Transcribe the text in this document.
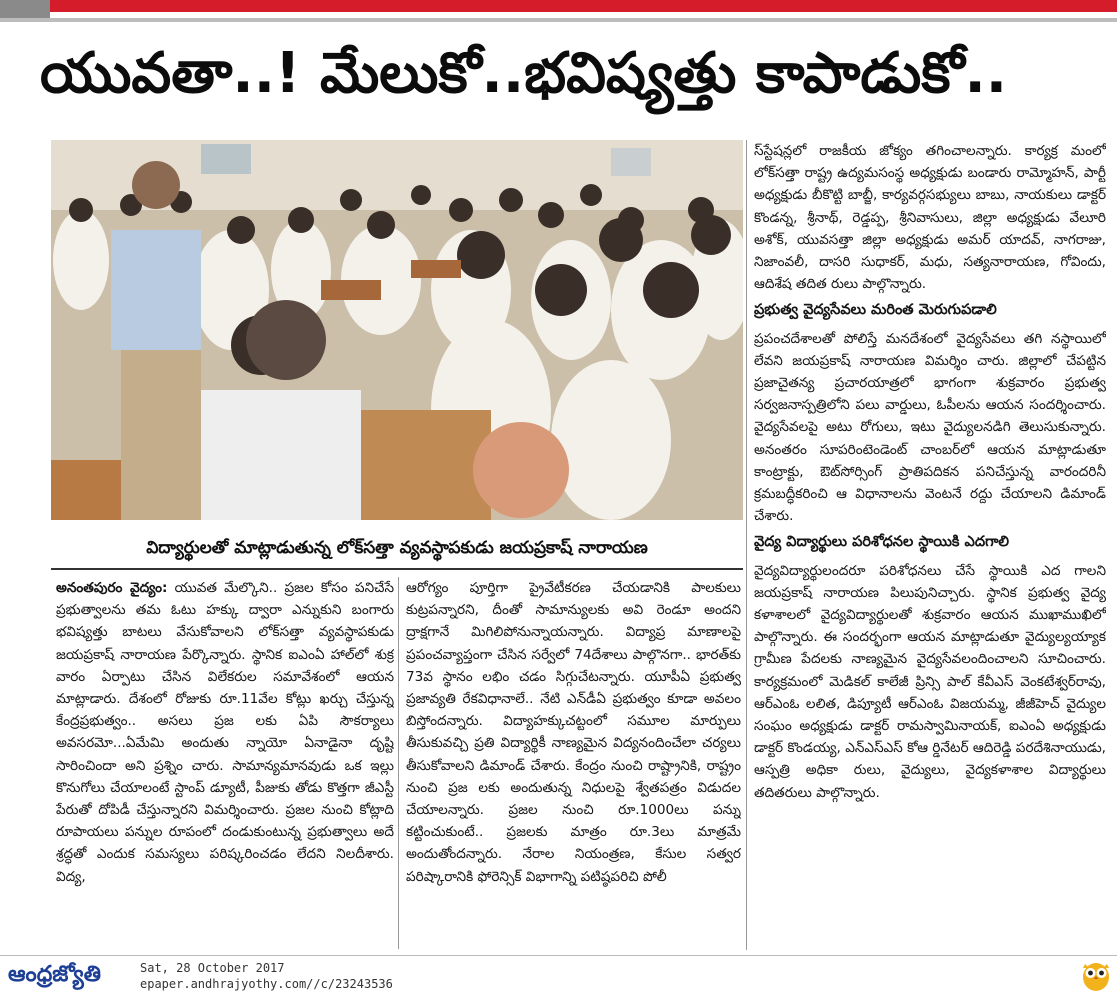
యువతా..! మేలుకో..భవిష్యత్తు కాపాడుకో..
విద్యార్థులతో మాట్లాడుతున్న లోక్‌సత్తా వ్యవస్థాపకుడు జయప్రకాష్ నారాయణ

అనంతపురం వైద్యం: యువత మేల్కొని.. ప్రజల కోసం పనిచేసే ప్రభుత్వాలను తమ ఓటు హక్కు ద్వారా ఎన్నుకుని బంగారు భవిష్యత్తు బాటలు వేసుకోవాలని లోక్‌సత్తా వ్యవస్థాపకుడు జయప్రకాష్ నారాయణ పేర్కొన్నారు. స్థానిక ఐఎంఏ హాల్‌లో శుక్ర వారం ఏర్పాటు చేసిన విలేకరుల సమావేశంలో ఆయన మాట్లాడారు. దేశంలో రోజుకు రూ.11వేల కోట్లు ఖర్చు చేస్తున్న కేంద్రప్రభుత్వం.. అసలు ప్రజ లకు ఏపి సౌకర్యాలు అవసరమో...ఏమేమి అందుతు న్నాయో ఏనాడైనా దృష్టి సారించిందా అని ప్రశ్నిం చారు. సామాన్యమానవుడు ఒక ఇల్లు కొనుగోలు చేయాలంటే స్టాంప్ డ్యూటీ, పీజుకు తోడు కొత్తగా జీఎస్టీ పేరుతో దోపిడీ చేస్తున్నారని విమర్శించారు. ప్రజల నుంచి కోట్లాది రూపాయలు పన్నుల రూపంలో దండుకుంటున్న ప్రభుత్వాలు అదే శ్రద్ధతో ఎందుక సమస్యలు పరిష్కరించడం లేదని నిలదీశారు. విద్య,

ఆరోగ్యం పూర్తిగా ప్రైవేటీకరణ చేయడానికి పాలకులు కుట్రపన్నారని, దీంతో సామాన్యులకు అవి రెండూ అందని ద్రాక్షగానే మిగిలిపోనున్నాయన్నారు. విద్యాప్ర మాణాలపై ప్రపంచవ్యాప్తంగా చేసిన సర్వేలో 74దేశాలు పాల్గొనగా.. భారత్‌కు 73వ స్థానం లభిం చడం సిగ్గుచేటన్నారు. యూపీఏ ప్రభుత్వ ప్రజావ్యతి రేకవిధానాలే.. నేటి ఎన్‌డీఏ ప్రభుత్వం కూడా అవలం బిస్తోందన్నారు. విద్యాహక్కుచట్టంలో సమూల మార్పులు తీసుకువచ్చి ప్రతి విద్యార్థికీ నాణ్యమైన విద్యనందించేలా చర్యలు తీసుకోవాలని డిమాండ్ చేశారు. కేంద్రం నుంచి రాష్ట్రానికి, రాష్ట్రం నుంచి ప్రజ లకు అందుతున్న నిధులపై శ్వేతపత్రం విడుదల చేయాలన్నారు. ప్రజల నుంచి రూ.1000లు పన్ను కట్టించుకుంటే.. ప్రజలకు మాత్రం రూ.3లు మాత్రమే అందుతోందన్నారు. నేరాల నియంత్రణ, కేసుల సత్వర పరిష్కారానికి ఫోరెన్సిక్ విభాగాన్ని పటిష్ఠపరిచి పోలీ

స్‌స్టేషన్లలో రాజకీయ జోక్యం తగించాలన్నారు. కార్యక్ర మంలో లోక్‌సత్తా రాష్ట్ర ఉద్యమసంస్థ అధ్యక్షుడు బండారు రామ్మోహన్, పార్టీ అధ్యక్షుడు బీకొట్టి బాబ్జీ, కార్యవర్గసభ్యులు బాబు, నాయకులు డాక్టర్ కొండన్న, శ్రీనాథ్, రెడ్డప్ప, శ్రీనివాసులు, జిల్లా అధ్యక్షుడు వేలూరి అశోక్, యువసత్తా జిల్లా అధ్యక్షుడు అమర్ యాదవ్, నాగరాజు, నిజాంవలీ, దాసరి సుధాకర్, మధు, సత్యనారాయణ, గోవిందు, ఆదిశేష తదిత రులు పాల్గొన్నారు.

ప్రభుత్వ వైద్యసేవలు మరింత మెరుగుపడాలి

ప్రపంచదేశాలతో పోలిస్తే మనదేశంలో వైద్యసేవలు తగి నస్థాయిలో లేవని జయప్రకాష్ నారాయణ విమర్శిం చారు. జిల్లాలో చేపట్టిన ప్రజాచైతన్య ప్రచారయాత్రలో భాగంగా శుక్రవారం ప్రభుత్వ సర్వజనాస్పత్రిలోని పలు వార్డులు, ఓపీలను ఆయన సందర్శించారు. వైద్యసేవలపై అటు రోగులు, ఇటు వైద్యులనడిగి తెలుసుకున్నారు. అనంతరం సూపరింటెండెంట్ చాంబర్‌లో ఆయన మాట్లాడుతూ కాంట్రాక్టు, ఔట్‌సోర్సింగ్ ప్రాతిపదికన పనిచేస్తున్న వారందరినీ క్రమబద్ధీకరించి ఆ విధానాలను వెంటనే రద్దు చేయాలని డిమాండ్ చేశారు.

వైద్య విద్యార్థులు పరిశోధనల స్థాయికి ఎదగాలి

వైద్యవిద్యార్థులందరూ పరిశోధనలు చేసే స్థాయికి ఎద గాలని జయప్రకాష్ నారాయణ పిలుపునిచ్చారు. స్థానిక ప్రభుత్వ వైద్య కళాశాలలో వైద్యవిద్యార్థులతో శుక్రవారం ఆయన ముఖాముఖిలో పాల్గొన్నారు. ఈ సందర్భంగా ఆయన మాట్లాడుతూ వైద్యుల్యయ్యాక గ్రామీణ పేదలకు నాణ్యమైన వైద్యసేవలందించాలని సూచించారు. కార్యక్రమంలో మెడికల్ కాలేజీ ప్రిన్సి పాల్ కేవీఎస్ వెంకటేశ్వర్‌రావు, ఆర్‌ఎంఓ లలిత, డిప్యూటీ ఆర్‌ఎంఓ విజయమ్మ, జీజీహెచ్ వైద్యుల సంఘం అధ్యక్షుడు డాక్టర్ రామస్వామినాయక్, ఐఎంఏ అధ్యక్షుడు డాక్టర్ కొండయ్య, ఎన్ఎస్ఎస్ కోఆ ర్డినేటర్ ఆదిరెడ్డి పరదేశినాయుడు, ఆస్పత్రి అధికా రులు, వైద్యులు, వైద్యకళాశాల విద్యార్థులు తదితరులు పాల్గొన్నారు.

ఆంధ్రజ్యోతి	Sat, 28 October 2017
epaper.andhrajyothy.com//c/23243536
